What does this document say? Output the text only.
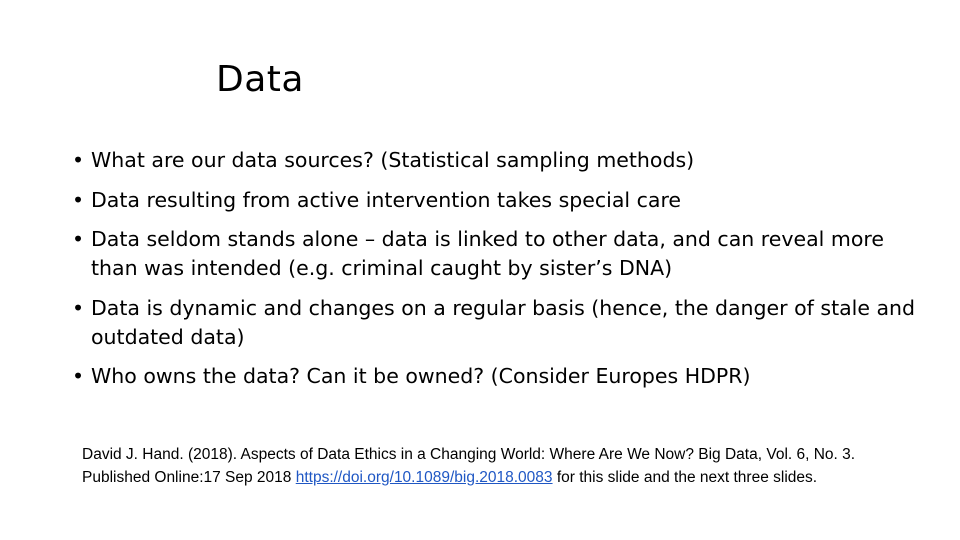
Data
• What are our data sources? (Statistical sampling methods)
• Data resulting from active intervention takes special care
• Data seldom stands alone – data is linked to other data, and can reveal more than was intended (e.g. criminal caught by sister’s DNA)
• Data is dynamic and changes on a regular basis (hence, the danger of stale and outdated data)
• Who owns the data? Can it be owned? (Consider Europes HDPR)
David J. Hand. (2018). Aspects of Data Ethics in a Changing World: Where Are We Now? Big Data, Vol. 6, No. 3. Published Online:17 Sep 2018 https://doi.org/10.1089/big.2018.0083 for this slide and the next three slides.
